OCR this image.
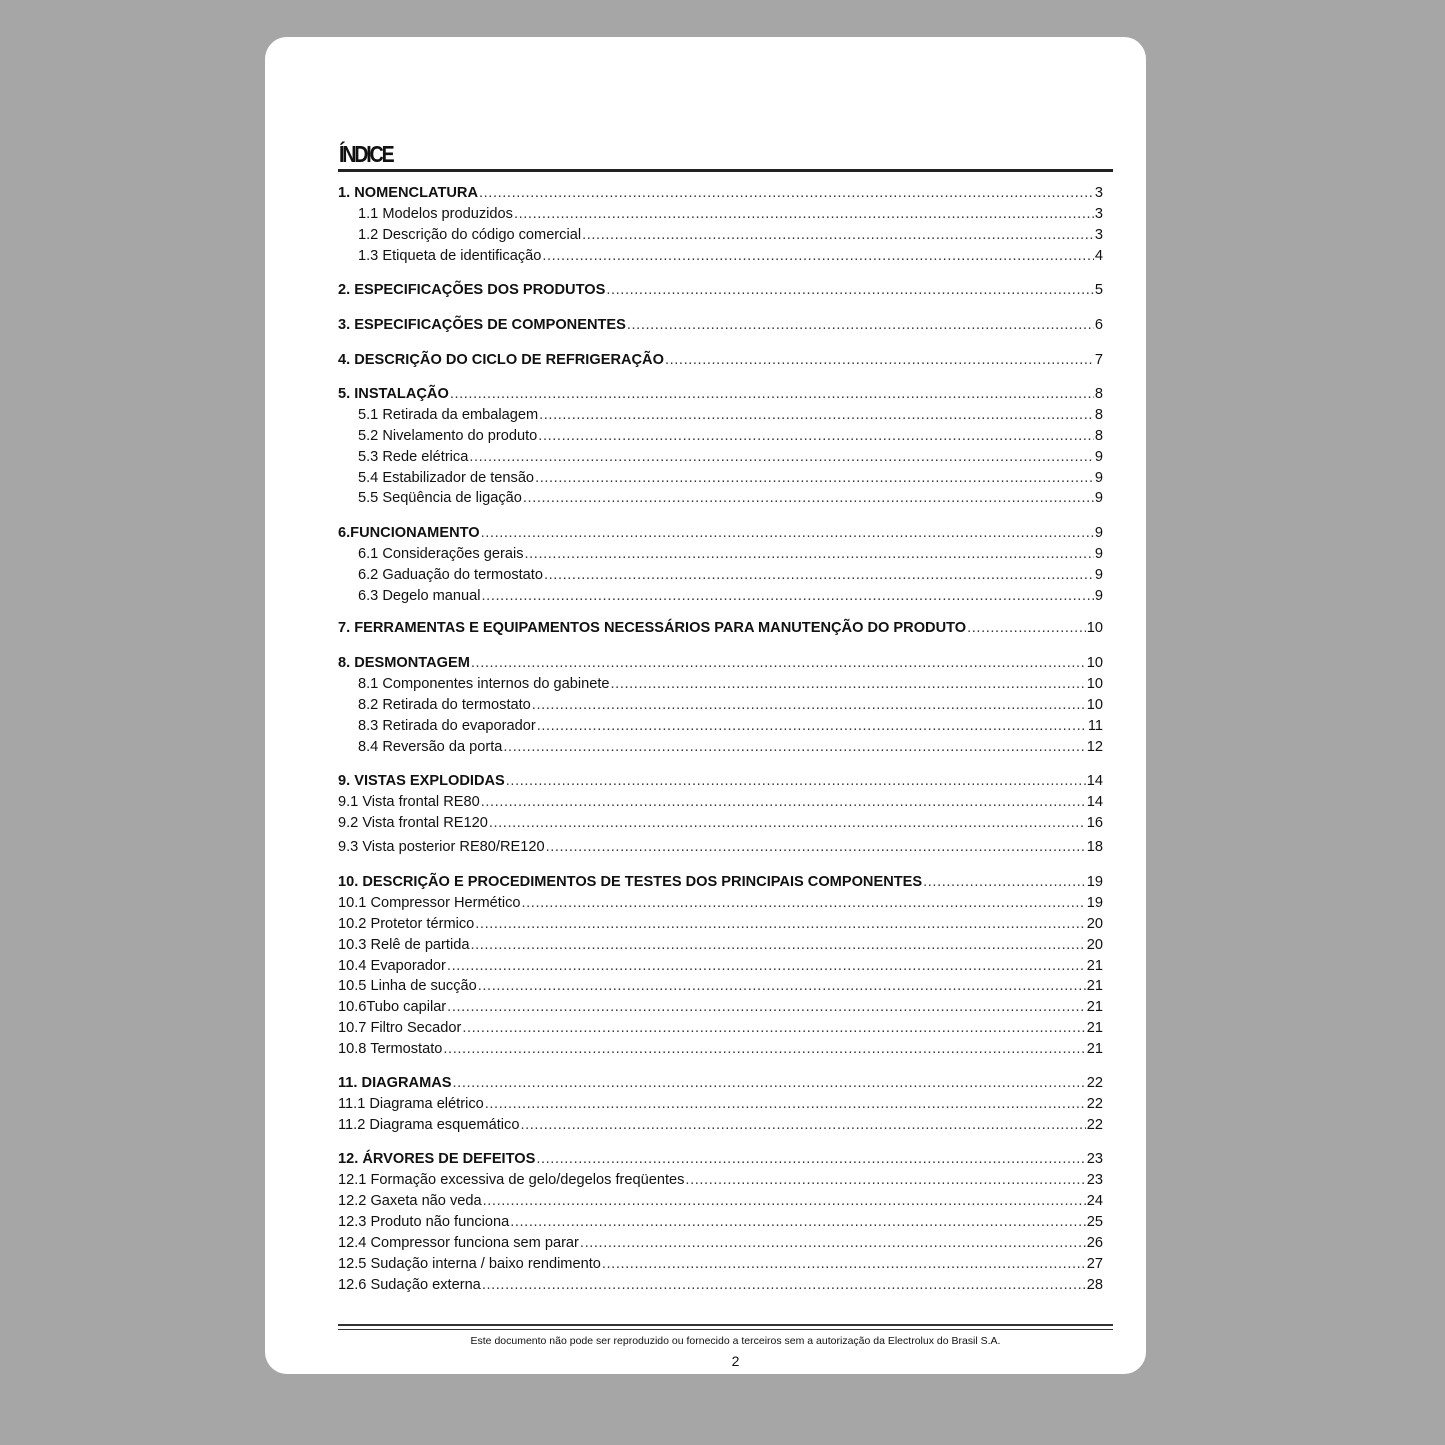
ÍNDICE
1. NOMENCLATURA .....	3
1.1 Modelos produzidos .....	3
1.2 Descrição do código comercial .....	3
1.3 Etiqueta de identificação .....	4
2. ESPECIFICAÇÕES DOS PRODUTOS .....	5
3. ESPECIFICAÇÕES DE COMPONENTES .....	6
4. DESCRIÇÃO DO CICLO DE REFRIGERAÇÃO .....	7
5. INSTALAÇÃO .....	8
5.1 Retirada da embalagem .....	8
5.2 Nivelamento do produto .....	8
5.3 Rede elétrica .....	9
5.4 Estabilizador de tensão .....	9
5.5 Seqüência de ligação .....	9
6.FUNCIONAMENTO .....	9
6.1 Considerações gerais .....	9
6.2 Gaduação do termostato .....	9
6.3 Degelo manual .....	9
7. FERRAMENTAS E EQUIPAMENTOS NECESSÁRIOS PARA MANUTENÇÃO DO PRODUTO .....	10
8. DESMONTAGEM .....	10
8.1 Componentes internos do gabinete .....	10
8.2 Retirada do termostato .....	10
8.3 Retirada do evaporador .....	11
8.4 Reversão da porta .....	12
9. VISTAS EXPLODIDAS .....	14
9.1 Vista frontal RE80 .....	14
9.2 Vista frontal RE120 .....	16
9.3 Vista posterior RE80/RE120 .....	18
10. DESCRIÇÃO E PROCEDIMENTOS DE TESTES DOS PRINCIPAIS COMPONENTES .....	19
10.1 Compressor Hermético .....	19
10.2 Protetor térmico .....	20
10.3 Relê de partida .....	20
10.4 Evaporador .....	21
10.5 Linha de sucção .....	21
10.6Tubo capilar .....	21
10.7 Filtro Secador .....	21
10.8 Termostato .....	21
11. DIAGRAMAS .....	22
11.1 Diagrama elétrico .....	22
11.2 Diagrama esquemático .....	22
12. ÁRVORES DE DEFEITOS .....	23
12.1 Formação excessiva de gelo/degelos freqüentes .....	23
12.2 Gaxeta não veda .....	24
12.3 Produto não funciona .....	25
12.4 Compressor funciona sem parar .....	26
12.5 Sudação interna / baixo rendimento .....	27
12.6 Sudação externa .....	28
Este documento não pode ser reproduzido ou fornecido a terceiros sem a autorização da Electrolux do Brasil S.A.
2
